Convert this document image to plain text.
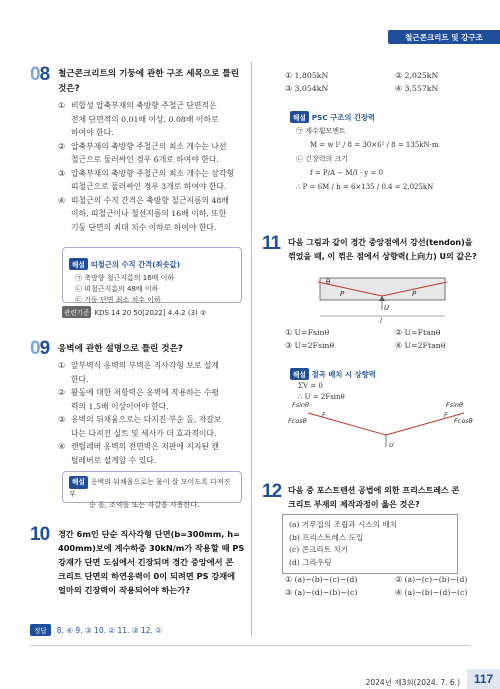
철근콘크리트 및 강구조
08 철근콘크리트의 기둥에 관한 구조 세목으로 틀린
것은?
① 비합성 압축부재의 축방향 주철근 단면적은
전체 단면적의 0.01배 이상, 0.08배 이하로
하여야 한다.
② 압축부재의 축방향 주철근의 최소 개수는 나선
철근으로 둘러싸인 경우 6개로 하여야 한다.
③ 압축부재의 축방향 주철근의 최소 개수는 삼각형
띠철근으로 둘러싸인 경우 3개로 하여야 한다.
④ 띠철근의 수직 간격은 축방향 철근지름의 48배
이하, 띠철근이나 철선지름의 16배 이하, 또한
기둥 단면의 최대 치수 이하로 하여야 한다.
해설 띠철근의 수직 간격(최솟값)
㉠ 축방향 철근지름의 16배 이하
㉡ 띠철근지름의 48배 이하
㉢ 기둥 단면 최소 치수 이하
관련기준 KDS 14 20 50[2022] 4.4.2 (3) ②
09 옹벽에 관한 설명으로 틀린 것은?
① 앞부벽식 옹벽의 부벽은 직사각형 보로 설계
한다.
② 활동에 대한 저항력은 옹벽에 작용하는 수평
력의 1.5배 이상이어야 한다.
③ 옹벽의 뒤채움으로는 다지진 부순 돌, 자갈보
다는 다져진 실트 및 세사가 더 효과적이다.
④ 캔틸레버 옹벽의 전면벽은 저판에 지지된 캔
틸레버로 설계할 수 있다.
해설 옹벽의 뒤채움으로는 물이 잘 모이도록 다져진 부
순 돌, 조약돌 또는 자갈을 사용한다.
10 경간 6m인 단순 직사각형 단면(b=300mm, h=
400mm)보에 계수하중 30kN/m가 작용할 때 PS
강재가 단면 도심에서 긴장되며 경간 중앙에서 콘
크리트 단면의 하연응력이 0이 되려면 PS 강재에
얼마의 긴장력이 작용되어야 하는가?
① 1,805kN	② 2,025kN
③ 3,054kN	④ 3,557kN
해설 PSC 구조의 긴장력
㉠ 계수휨모멘트
M = w l² / 8 = 30×6² / 8 = 135kN·m
㉡ 긴장력의 크기
f = P/A − M/I · y = 0
∴ P = 6M / h = 6×135 / 0.4 = 2,025kN
11 다음 그림과 같이 경간 중앙점에서 강선(tendon)을
꺾었을 때, 이 꺾은 점에서 상향력(上向力) U의 값은?
U
θ
P	P
l
① U=Fsinθ	② U=Ftanθ
③ U=2Fsinθ	④ U=2Ftanθ
해설 절곡 배치 시 상향력
ΣV = 0
∴ U = 2Fsinθ
U
Fsinθ	Fsinθ
Fcosθ	Fcosθ
F	F
12 다음 중 포스트텐션 공법에 의한 프리스트레스 콘
크리트 부재의 제작과정이 옳은 것은?
(a) 거푸집의 조립과 시스의 배치
(b) 프리스트레스 도입
(c) 콘크리트 치기
(d) 그라우팅
① (a)−(b)−(c)−(d)	② (a)−(c)−(b)−(d)
③ (a)−(d)−(b)−(c)	④ (a)−(b)−(d)−(c)
정답	8. ④ 9. ③ 10. ② 11. ③ 12. ②
2024년 제3회(2024. 7. 6.) 117
